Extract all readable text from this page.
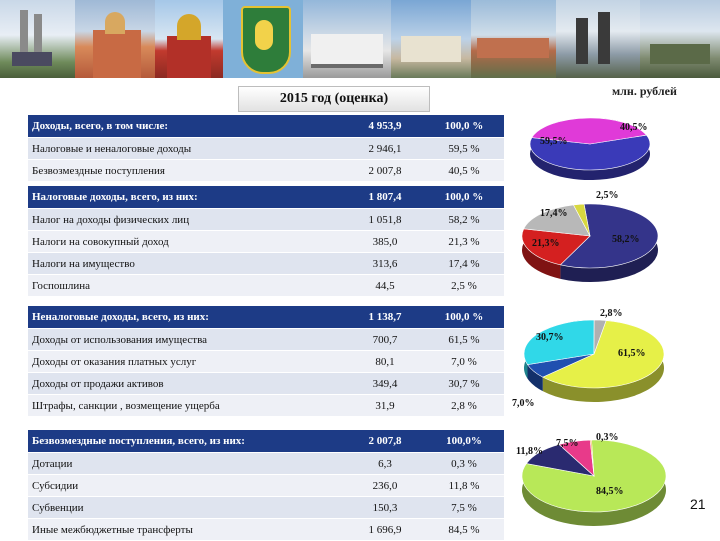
млн. рублей
2015 год (оценка)
Доходы, всего, в том числе:	4 953,9	100,0 %
Налоговые и неналоговые доходы	2 946,1	59,5 %
Безвозмездные поступления	2 007,8	40,5 %
Налоговые доходы, всего, из них:	1 807,4	100,0 %
Налог на доходы физических лиц	1 051,8	58,2 %
Налоги на совокупный доход	385,0	21,3 %
Налоги на имущество	313,6	17,4 %
Госпошлина	44,5	2,5 %
Неналоговые доходы, всего, из них:	1 138,7	100,0 %
Доходы от использования имущества	700,7	61,5 %
Доходы от оказания платных услуг	80,1	7,0 %
Доходы от продажи активов	349,4	30,7 %
Штрафы, санкции , возмещение ущерба	31,9	2,8 %
Безвозмездные поступления, всего, из них:	2 007,8	100,0%
Дотации	6,3	0,3 %
Субсидии	236,0	11,8 %
Субвенции	150,3	7,5 %
Иные межбюджетные трансферты	1 696,9	84,5 %
40,5%
59,5%
2,5%
17,4%
21,3%	58,2%
2,8%
30,7%
61,5%
7,0%
0,3%
7,5%
11,8%
84,5%
21
